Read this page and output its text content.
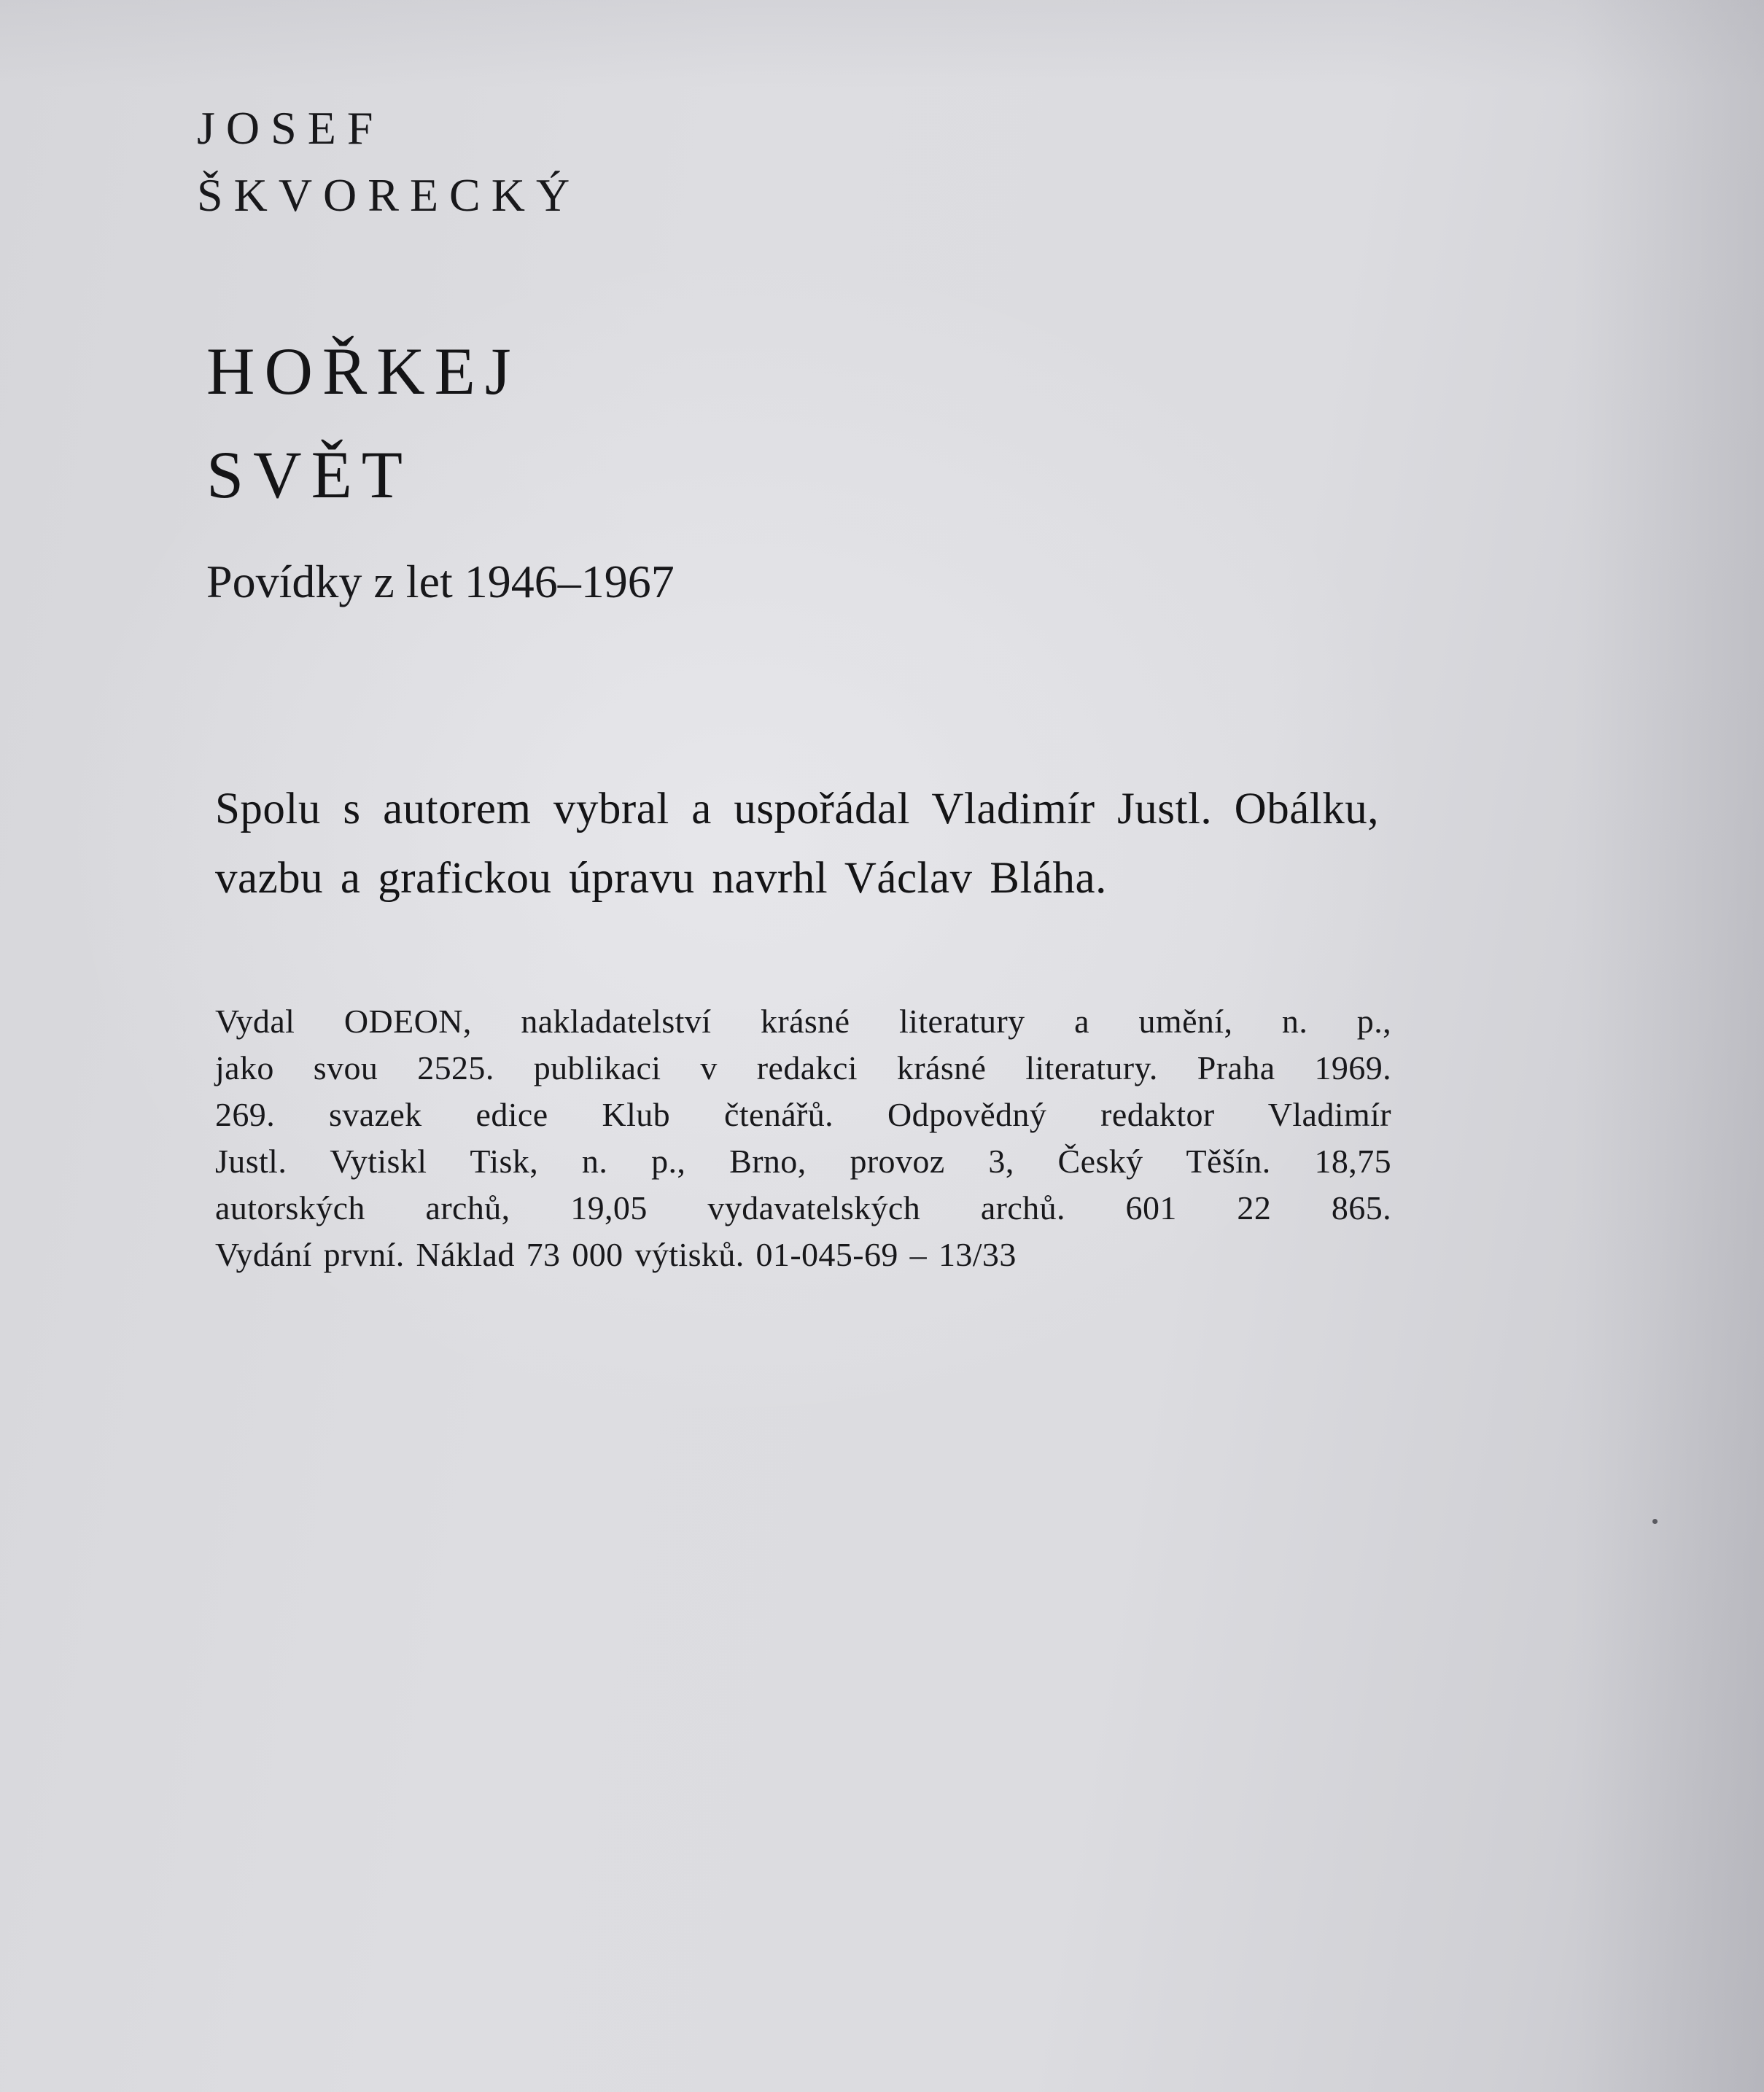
JOSEF
ŠKVORECKÝ
HOŘKEJ
SVĚT

Povídky z let 1946–1967

Spolu s autorem vybral a uspořádal Vladimír Justl. Obálku, vazbu a grafickou úpravu navrhl Václav Bláha.

Vydal ODEON, nakladatelství krásné literatury a umění, n. p.,
jako svou 2525. publikaci v redakci krásné literatury. Praha 1969.
269. svazek edice Klub čtenářů. Odpovědný redaktor Vladimír
Justl. Vytiskl Tisk, n. p., Brno, provoz 3, Český Těšín. 18,75
autorských archů, 19,05 vydavatelských archů. 601 22 865.
Vydání první. Náklad 73 000 výtisků. 01-045-69 – 13/33
